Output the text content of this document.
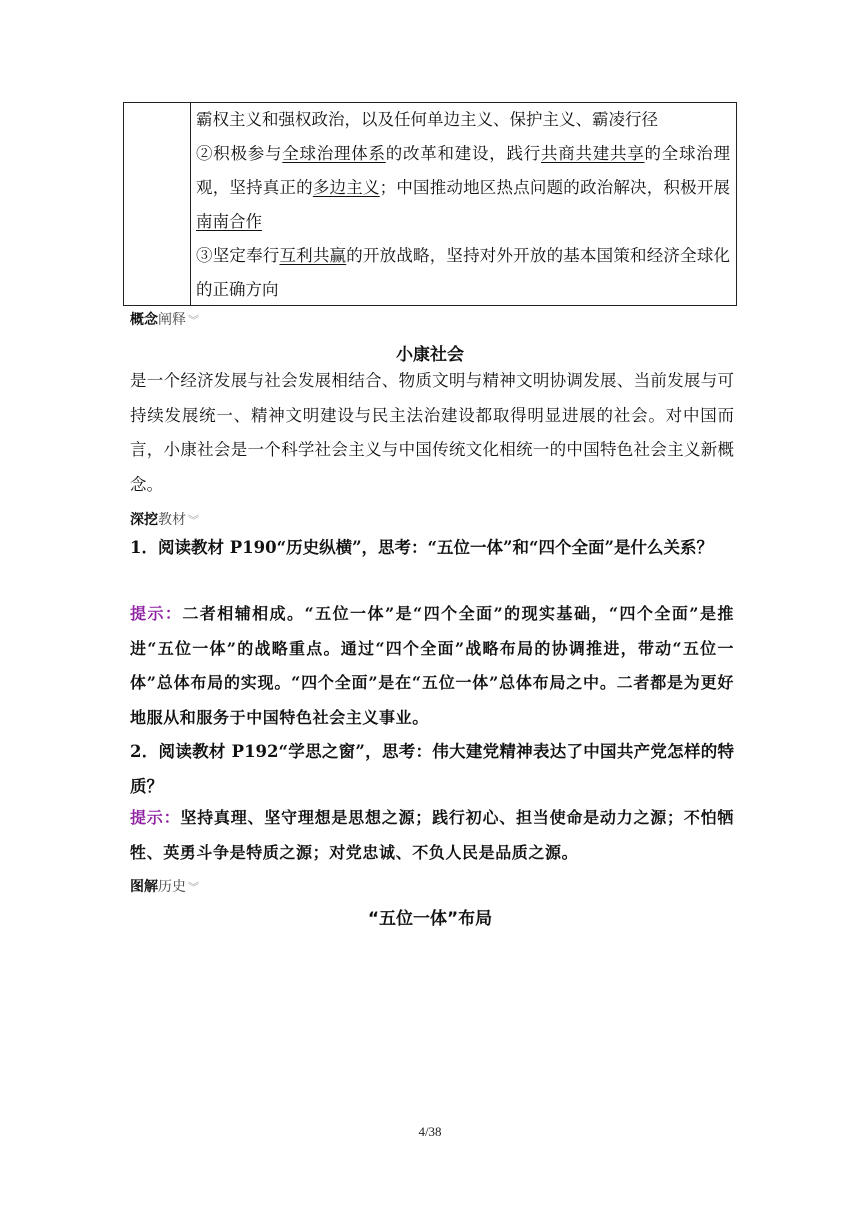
霸权主义和强权政治，以及任何单边主义、保护主义、霸凌行径

②积极参与全球治理体系的改革和建设，践行共商共建共享的全球治理观，坚持真正的多边主义；中国推动地区热点问题的政治解决，积极开展南南合作

③坚定奉行互利共赢的开放战略，坚持对外开放的基本国策和经济全球化的正确方向

概念阐释 ︾
小康社会

是一个经济发展与社会发展相结合、物质文明与精神文明协调发展、当前发展与可持续发展统一、精神文明建设与民主法治建设都取得明显进展的社会。对中国而言，小康社会是一个科学社会主义与中国传统文化相统一的中国特色社会主义新概念。

深挖教材 ︾

1．阅读教材 P190“历史纵横”，思考：“五位一体”和“四个全面”是什么关系？

提示：二者相辅相成。“五位一体”是“四个全面”的现实基础，“四个全面”是推进“五位一体”的战略重点。通过“四个全面”战略布局的协调推进，带动“五位一体”总体布局的实现。“四个全面”是在“五位一体”总体布局之中。二者都是为更好地服从和服务于中国特色社会主义事业。

2．阅读教材 P192“学思之窗”，思考：伟大建党精神表达了中国共产党怎样的特质？

提示：坚持真理、坚守理想是思想之源；践行初心、担当使命是动力之源；不怕牺牲、英勇斗争是特质之源；对党忠诚、不负人民是品质之源。

图解历史 ︾
“五位一体”布局
4/38
